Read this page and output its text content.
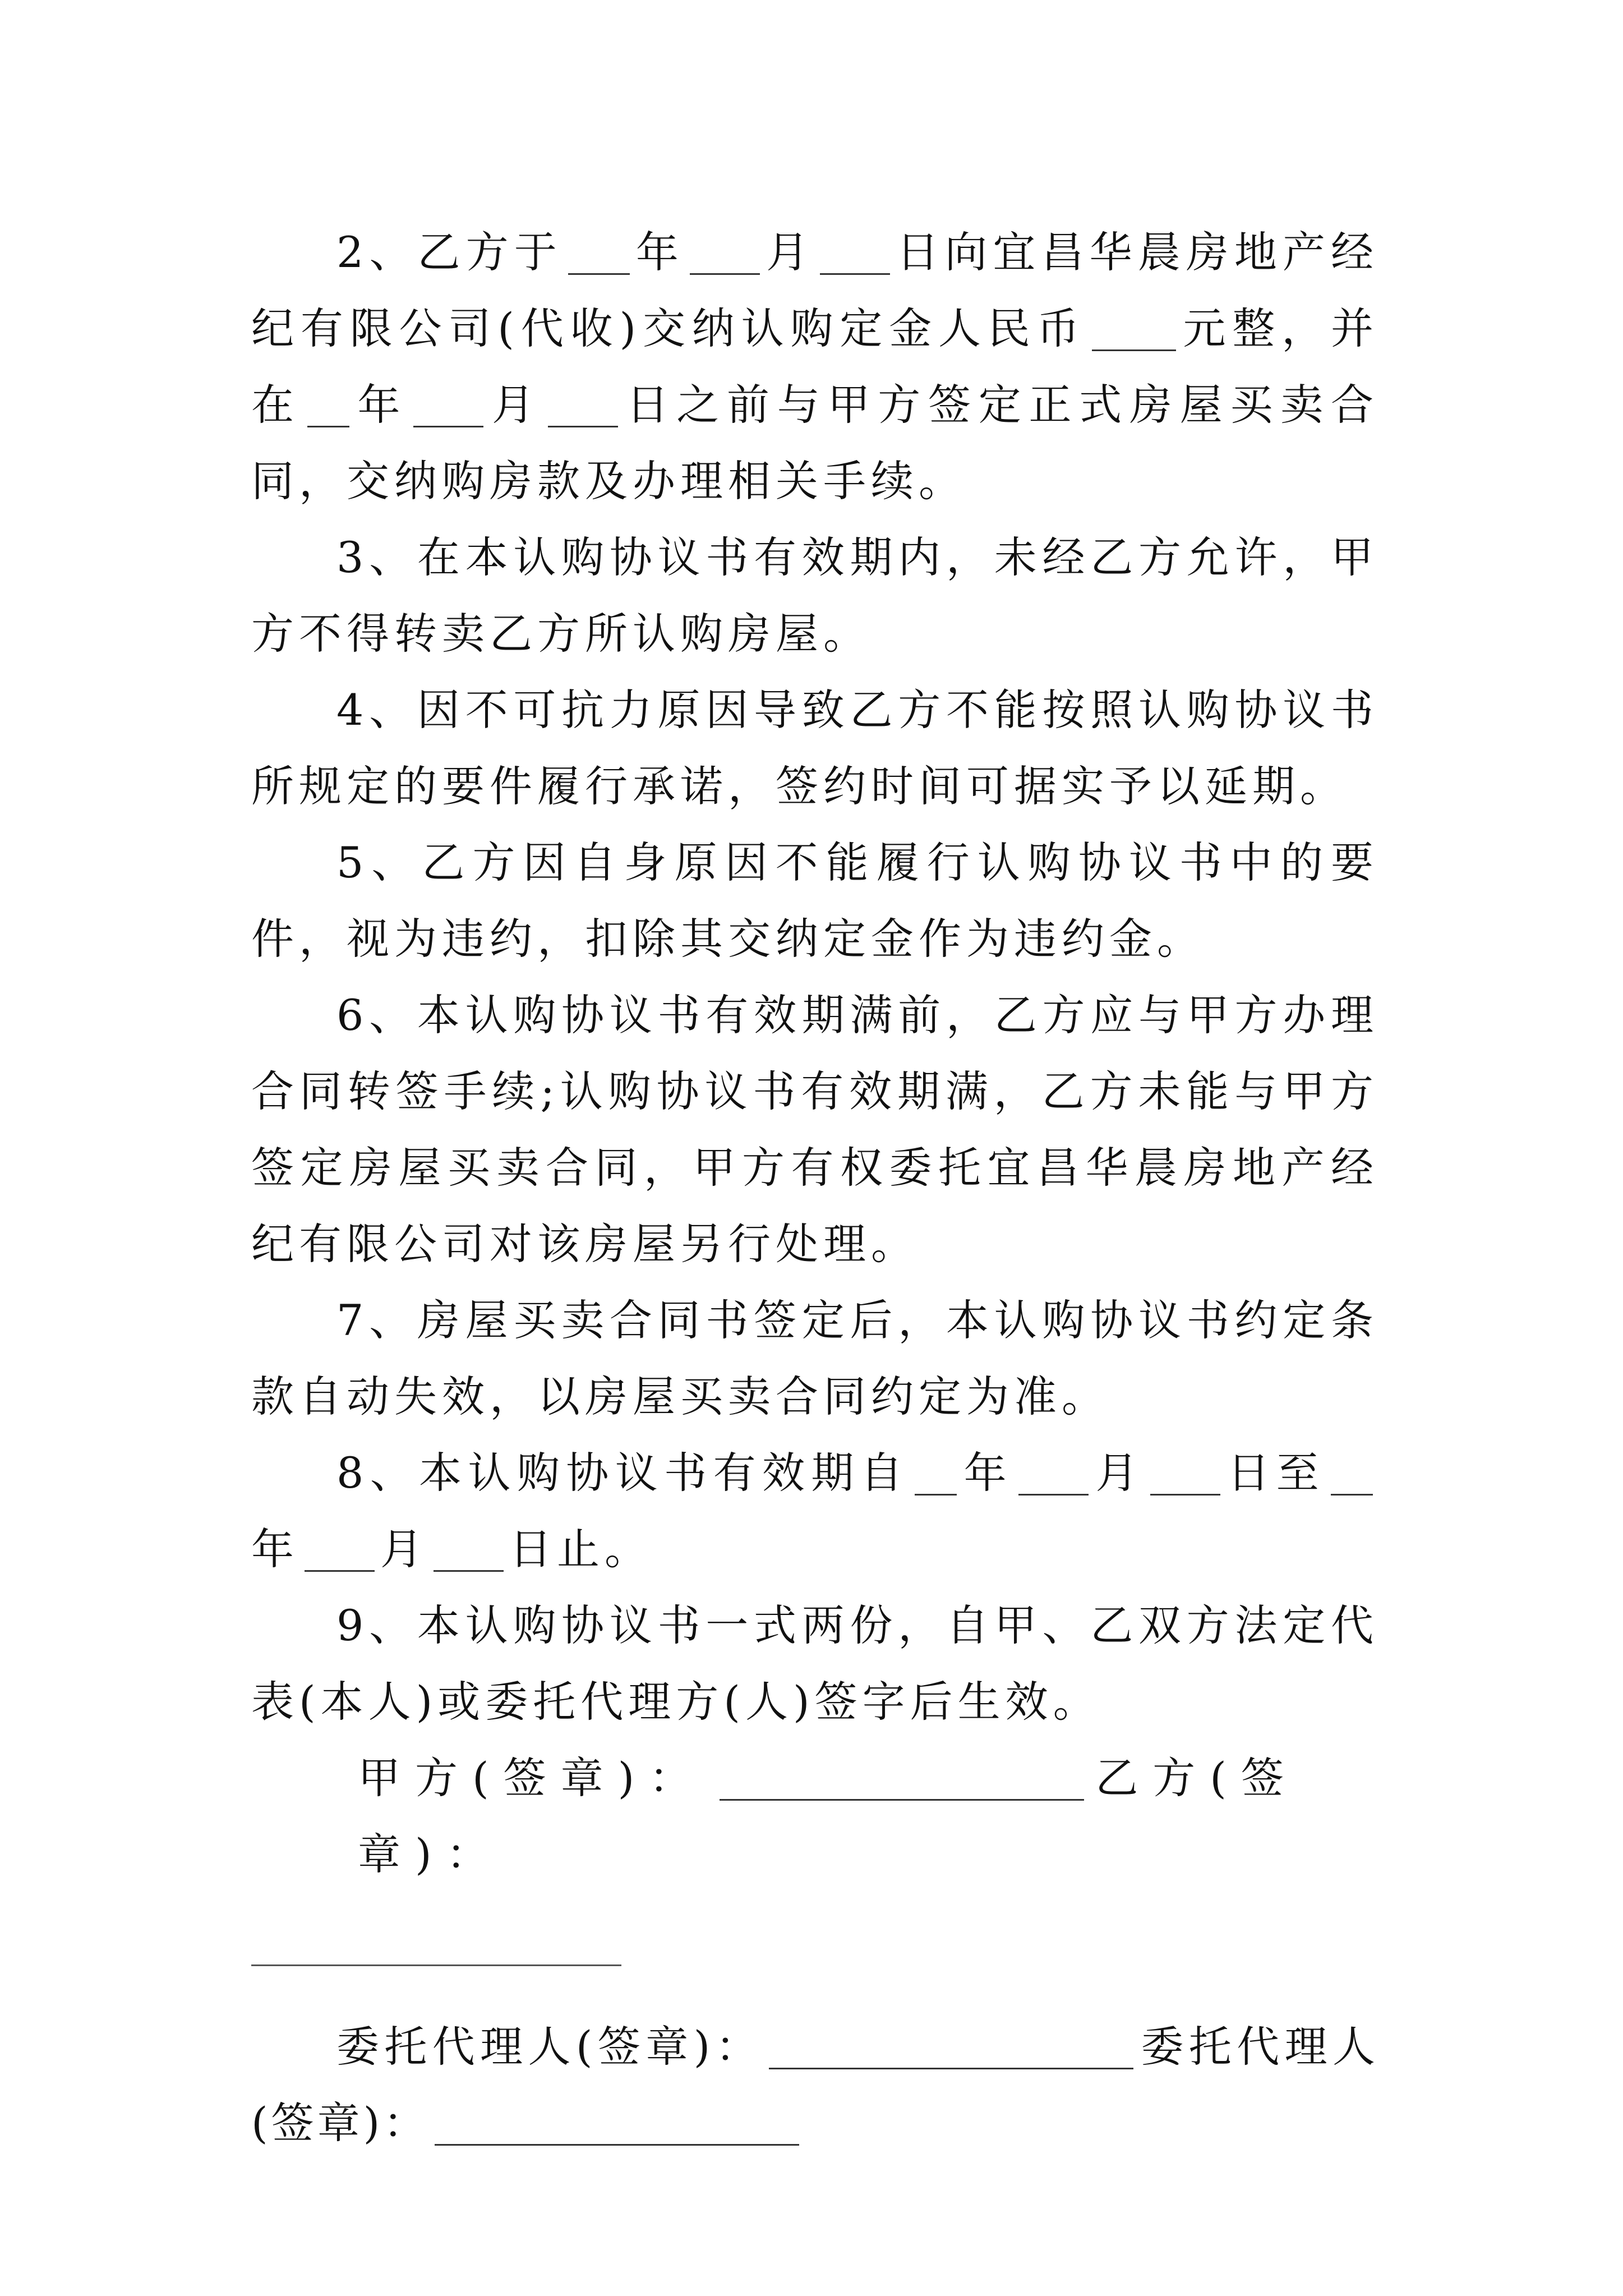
2、乙方于 年 月 日向宜昌华晨房地产经纪有限公司(代收)交纳认购定金人民币 元整，并在 年 月 日之前与甲方签定正式房屋买卖合同，交纳购房款及办理相关手续。

3、在本认购协议书有效期内，未经乙方允许，甲方不得转卖乙方所认购房屋。

4、因不可抗力原因导致乙方不能按照认购协议书所规定的要件履行承诺，签约时间可据实予以延期。

5、乙方因自身原因不能履行认购协议书中的要件，视为违约，扣除其交纳定金作为违约金。

6、本认购协议书有效期满前，乙方应与甲方办理合同转签手续;认购协议书有效期满，乙方未能与甲方签定房屋买卖合同，甲方有权委托宜昌华晨房地产经纪有限公司对该房屋另行处理。

7、房屋买卖合同书签定后，本认购协议书约定条款自动失效，以房屋买卖合同约定为准。

8、本认购协议书有效期自 年 月 日至年 月 日止。

9、本认购协议书一式两份，自甲、乙双方法定代表(本人)或委托代理方(人)签字后生效。

甲方(签章)：	乙方(签章)：

委托代理人(签章)：	委托代理人(签章)：
